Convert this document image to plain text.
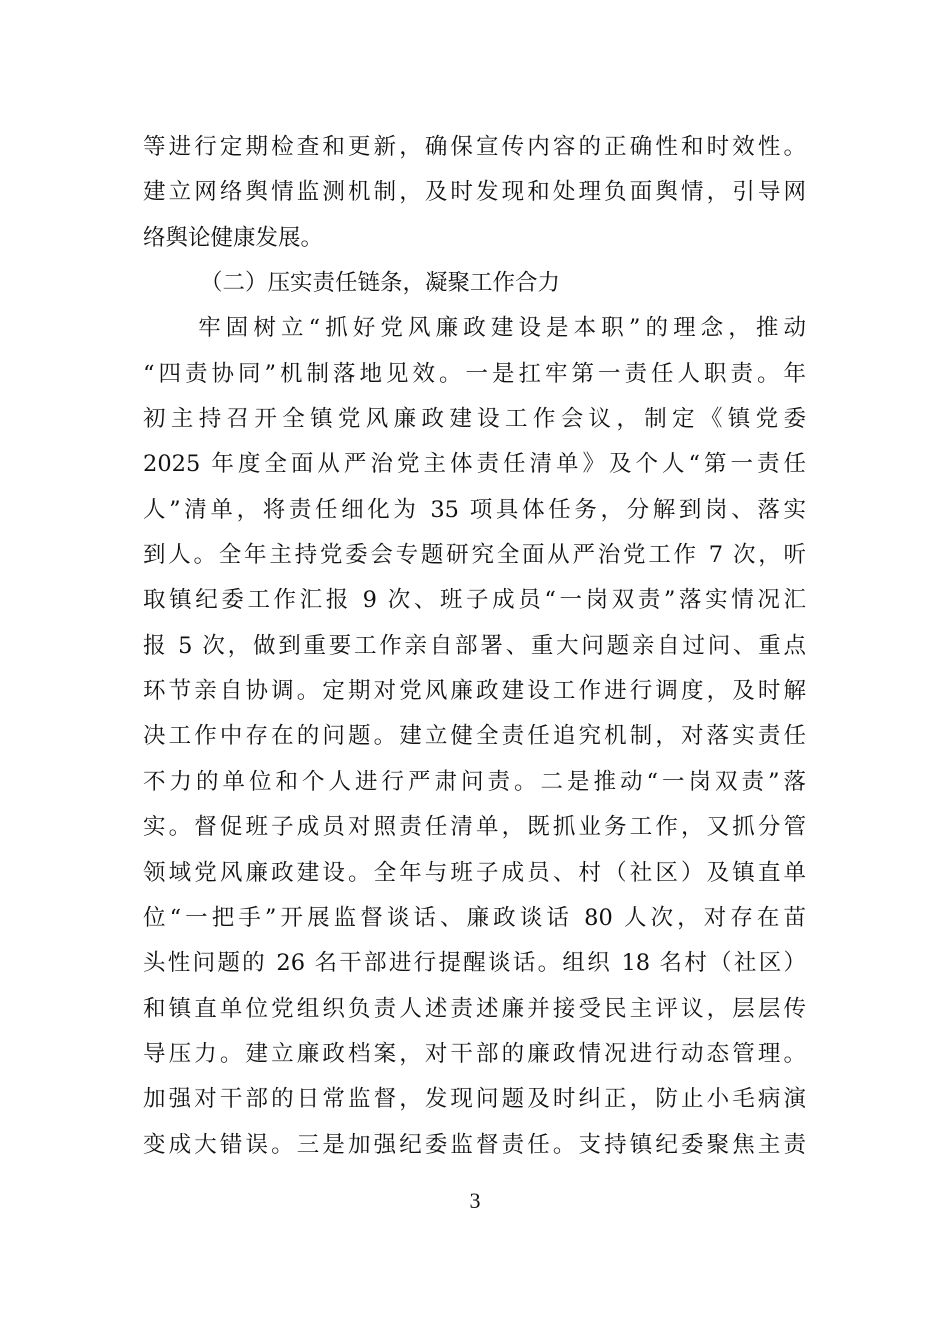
等进行定期检查和更新，确保宣传内容的正确性和时效性。
建立网络舆情监测机制，及时发现和处理负面舆情，引导网
络舆论健康发展。
（二）压实责任链条，凝聚工作合力
　　牢固树立“抓好党风廉政建设是本职”的理念，推动
“四责协同”机制落地见效。一是扛牢第一责任人职责。年
初主持召开全镇党风廉政建设工作会议，制定《镇党委
2025 年度全面从严治党主体责任清单》及个人“第一责任
人”清单，将责任细化为 35 项具体任务，分解到岗、落实
到人。全年主持党委会专题研究全面从严治党工作 7 次，听
取镇纪委工作汇报 9 次、班子成员“一岗双责”落实情况汇
报 5 次，做到重要工作亲自部署、重大问题亲自过问、重点
环节亲自协调。定期对党风廉政建设工作进行调度，及时解
决工作中存在的问题。建立健全责任追究机制，对落实责任
不力的单位和个人进行严肃问责。二是推动“一岗双责”落
实。督促班子成员对照责任清单，既抓业务工作，又抓分管
领域党风廉政建设。全年与班子成员、村（社区）及镇直单
位“一把手”开展监督谈话、廉政谈话 80 人次，对存在苗
头性问题的 26 名干部进行提醒谈话。组织 18 名村（社区）
和镇直单位党组织负责人述责述廉并接受民主评议，层层传
导压力。建立廉政档案，对干部的廉政情况进行动态管理。
加强对干部的日常监督，发现问题及时纠正，防止小毛病演
变成大错误。三是加强纪委监督责任。支持镇纪委聚焦主责
3
